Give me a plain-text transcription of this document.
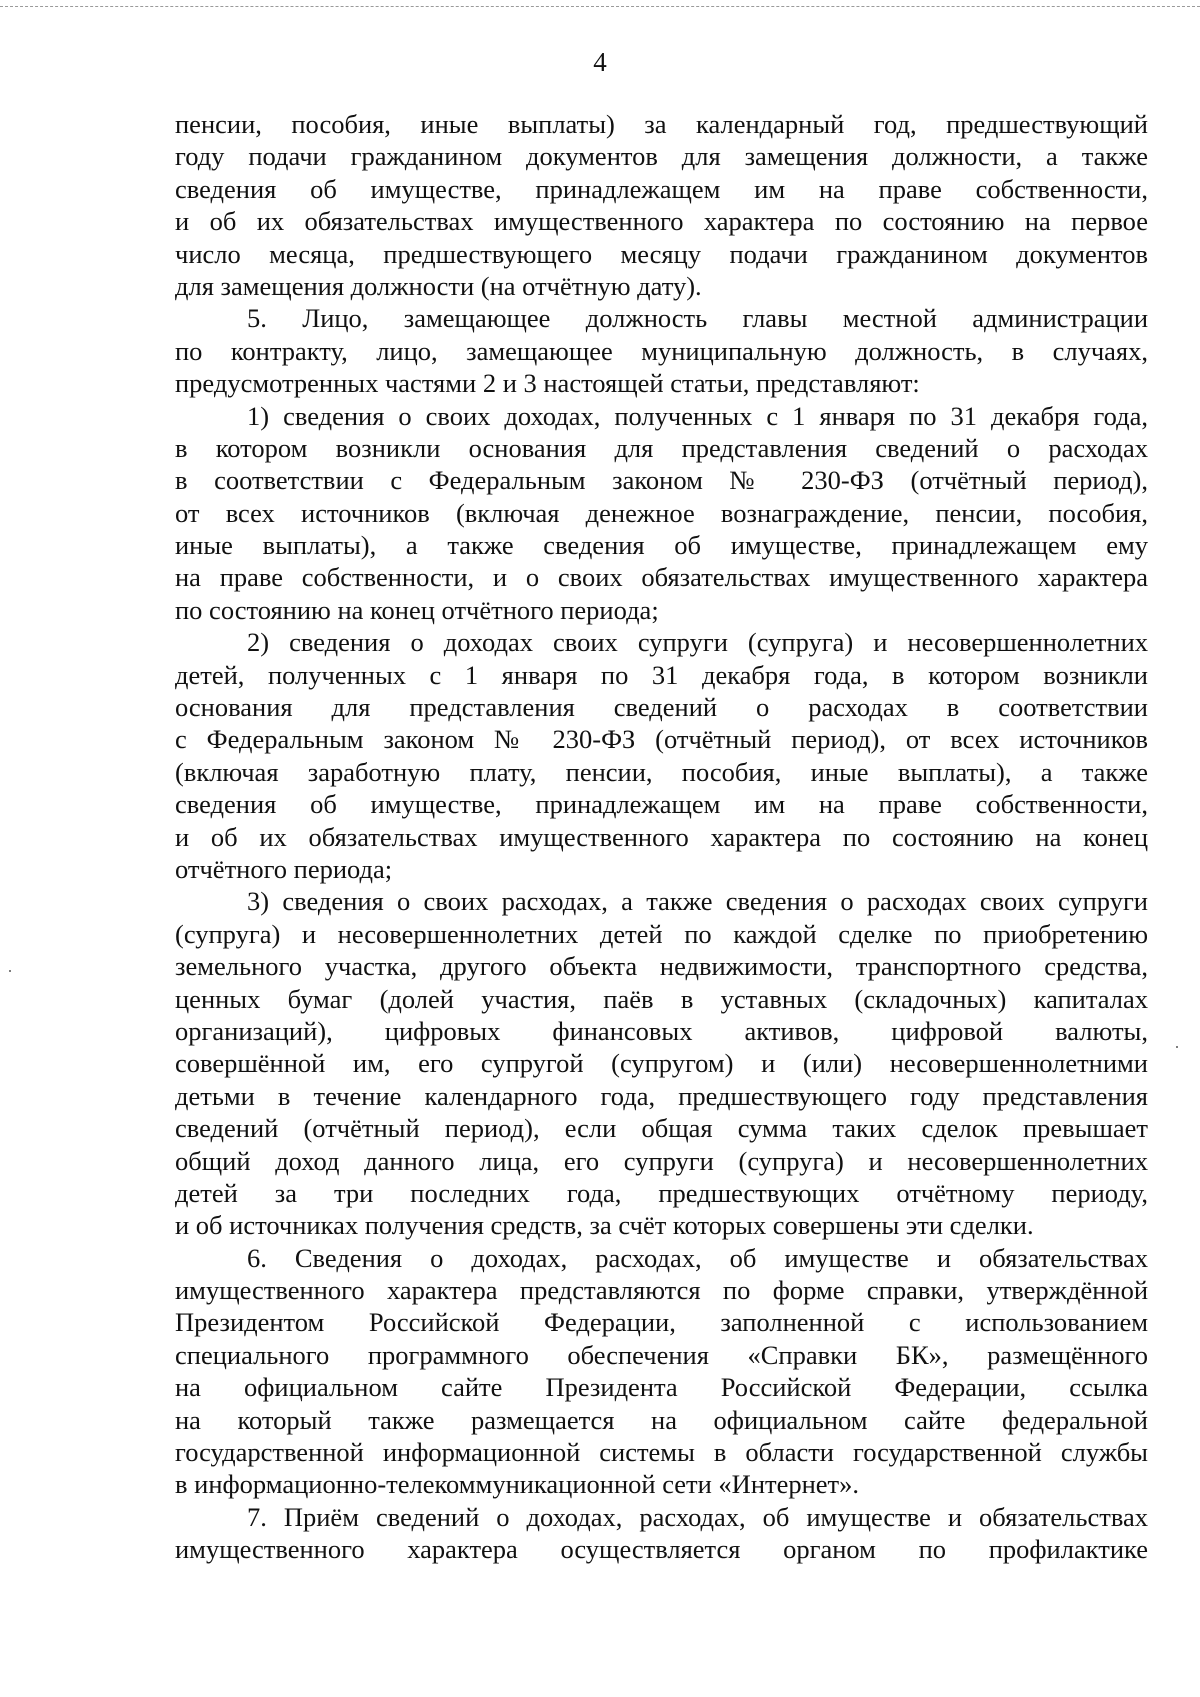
4
пенсии, пособия, иные выплаты) за календарный год, предшествующий
году подачи гражданином документов для замещения должности, а также
сведения об имуществе, принадлежащем им на праве собственности,
и об их обязательствах имущественного характера по состоянию на первое
число месяца, предшествующего месяцу подачи гражданином документов
для замещения должности (на отчётную дату).
5. Лицо, замещающее должность главы местной администрации
по контракту, лицо, замещающее муниципальную должность, в случаях,
предусмотренных частями 2 и 3 настоящей статьи, представляют:
1) сведения о своих доходах, полученных с 1 января по 31 декабря года,
в котором возникли основания для представления сведений о расходах
в соответствии с Федеральным законом № 230-ФЗ (отчётный период),
от всех источников (включая денежное вознаграждение, пенсии, пособия,
иные выплаты), а также сведения об имуществе, принадлежащем ему
на праве собственности, и о своих обязательствах имущественного характера
по состоянию на конец отчётного периода;
2) сведения о доходах своих супруги (супруга) и несовершеннолетних
детей, полученных с 1 января по 31 декабря года, в котором возникли
основания для представления сведений о расходах в соответствии
с Федеральным законом № 230-ФЗ (отчётный период), от всех источников
(включая заработную плату, пенсии, пособия, иные выплаты), а также
сведения об имуществе, принадлежащем им на праве собственности,
и об их обязательствах имущественного характера по состоянию на конец
отчётного периода;
3) сведения о своих расходах, а также сведения о расходах своих супруги
(супруга) и несовершеннолетних детей по каждой сделке по приобретению
земельного участка, другого объекта недвижимости, транспортного средства,
ценных бумаг (долей участия, паёв в уставных (складочных) капиталах
организаций), цифровых финансовых активов, цифровой валюты,
совершённой им, его супругой (супругом) и (или) несовершеннолетними
детьми в течение календарного года, предшествующего году представления
сведений (отчётный период), если общая сумма таких сделок превышает
общий доход данного лица, его супруги (супруга) и несовершеннолетних
детей за три последних года, предшествующих отчётному периоду,
и об источниках получения средств, за счёт которых совершены эти сделки.
6. Сведения о доходах, расходах, об имуществе и обязательствах
имущественного характера представляются по форме справки, утверждённой
Президентом Российской Федерации, заполненной с использованием
специального программного обеспечения «Справки БК», размещённого
на официальном сайте Президента Российской Федерации, ссылка
на который также размещается на официальном сайте федеральной
государственной информационной системы в области государственной службы
в информационно-телекоммуникационной сети «Интернет».
7. Приём сведений о доходах, расходах, об имуществе и обязательствах
имущественного характера осуществляется органом по профилактике
